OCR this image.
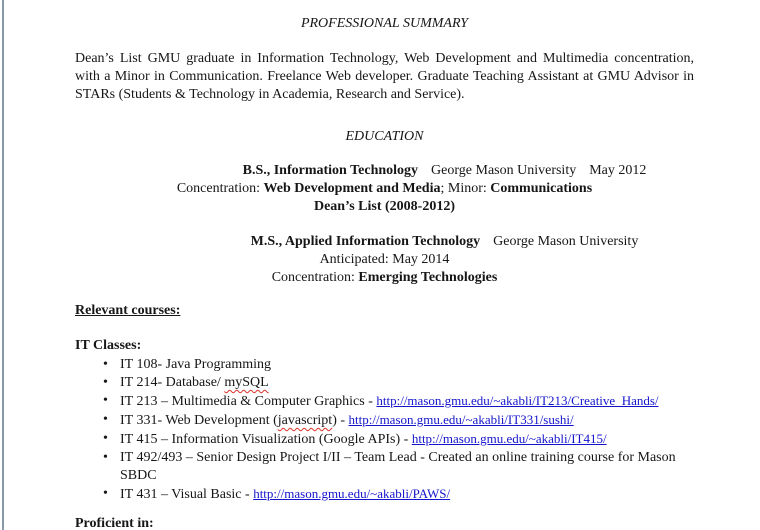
PROFESSIONAL SUMMARY

Dean’s List GMU graduate in Information Technology, Web Development and Multimedia concentration, with a Minor in Communication. Freelance Web developer. Graduate Teaching Assistant at GMU Advisor in STARs (Students & Technology in Academia, Research and Service).

EDUCATION
B.S., Information Technology George Mason University May 2012
Concentration: Web Development and Media; Minor: Communications
Dean’s List (2008-2012)
M.S., Applied Information Technology George Mason University
Anticipated: May 2014
Concentration: Emerging Technologies
Relevant courses:
IT Classes:
• IT 108- Java Programming
• IT 214- Database/ mySQL
• IT 213 – Multimedia & Computer Graphics - http://mason.gmu.edu/~akabli/IT213/Creative_Hands/
• IT 331- Web Development (javascript) - http://mason.gmu.edu/~akabli/IT331/sushi/
• IT 415 – Information Visualization (Google APIs) - http://mason.gmu.edu/~akabli/IT415/
• IT 492/493 – Senior Design Project I/II – Team Lead - Created an online training course for Mason SBDC
• IT 431 – Visual Basic - http://mason.gmu.edu/~akabli/PAWS/
Proficient in:
